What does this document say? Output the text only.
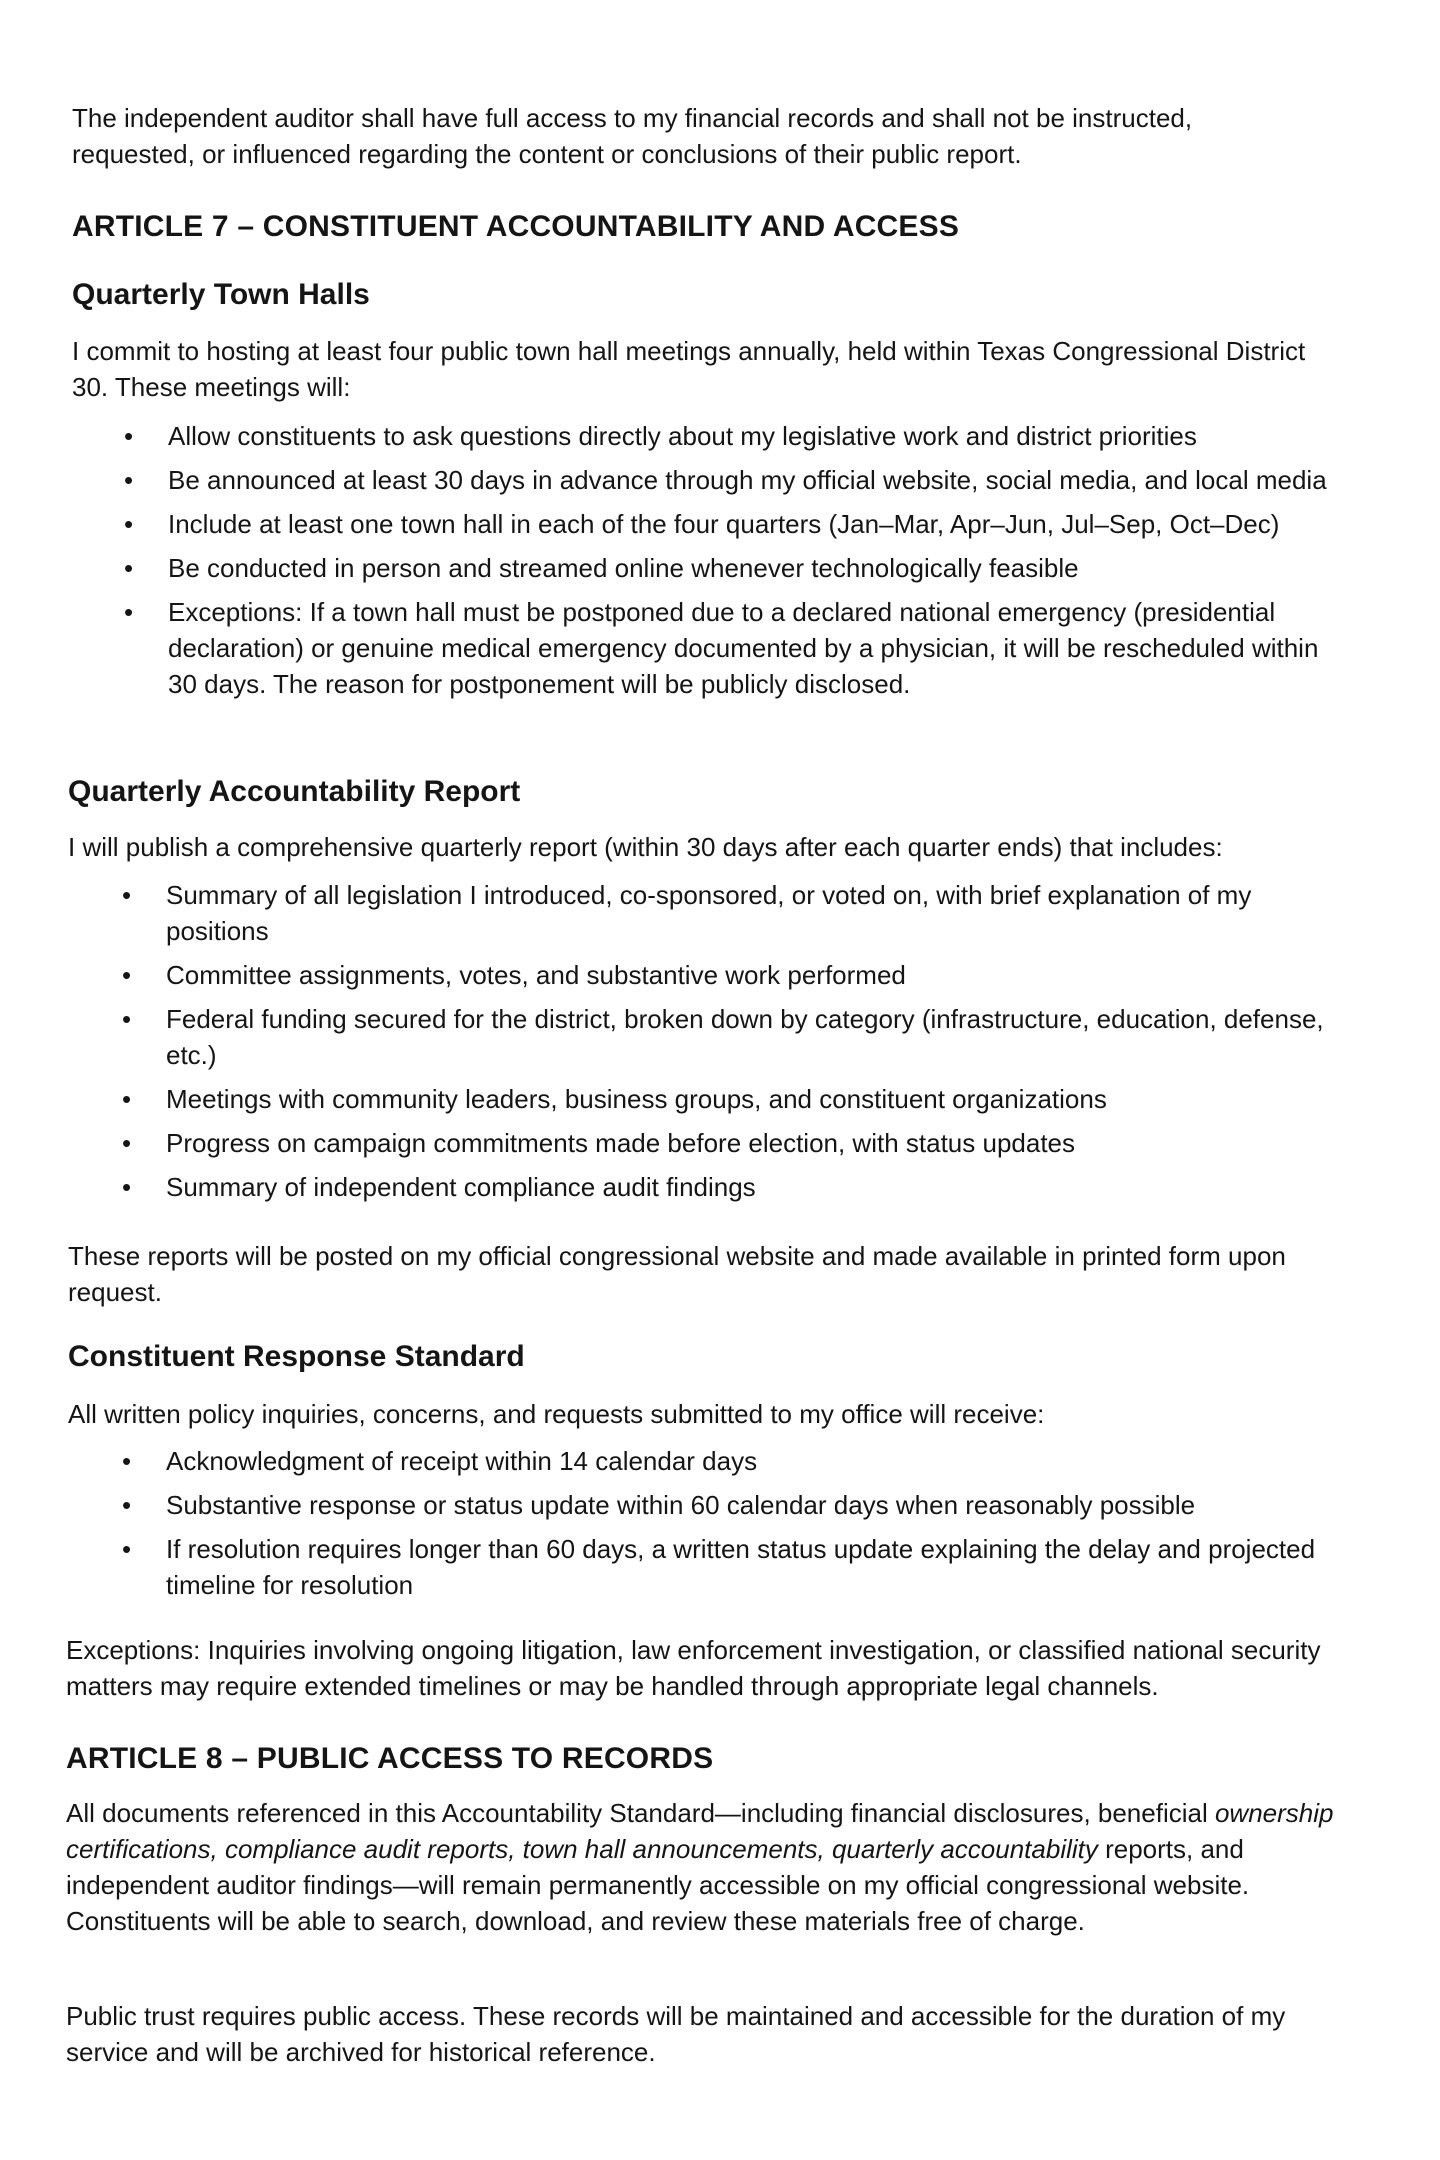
The independent auditor shall have full access to my financial records and shall not be instructed, requested, or influenced regarding the content or conclusions of their public report.

ARTICLE 7 – CONSTITUENT ACCOUNTABILITY AND ACCESS
Quarterly Town Halls

I commit to hosting at least four public town hall meetings annually, held within Texas Congressional District 30. These meetings will:

• Allow constituents to ask questions directly about my legislative work and district priorities
• Be announced at least 30 days in advance through my official website, social media, and local media
• Include at least one town hall in each of the four quarters (Jan–Mar, Apr–Jun, Jul–Sep, Oct–Dec)
• Be conducted in person and streamed online whenever technologically feasible
• Exceptions: If a town hall must be postponed due to a declared national emergency (presidential declaration) or genuine medical emergency documented by a physician, it will be rescheduled within 30 days. The reason for postponement will be publicly disclosed.
Quarterly Accountability Report

I will publish a comprehensive quarterly report (within 30 days after each quarter ends) that includes:

• Summary of all legislation I introduced, co-sponsored, or voted on, with brief explanation of my positions
• Committee assignments, votes, and substantive work performed
• Federal funding secured for the district, broken down by category (infrastructure, education, defense, etc.)
• Meetings with community leaders, business groups, and constituent organizations
• Progress on campaign commitments made before election, with status updates
• Summary of independent compliance audit findings

These reports will be posted on my official congressional website and made available in printed form upon request.

Constituent Response Standard

All written policy inquiries, concerns, and requests submitted to my office will receive:

• Acknowledgment of receipt within 14 calendar days
• Substantive response or status update within 60 calendar days when reasonably possible
• If resolution requires longer than 60 days, a written status update explaining the delay and projected timeline for resolution

Exceptions: Inquiries involving ongoing litigation, law enforcement investigation, or classified national security matters may require extended timelines or may be handled through appropriate legal channels.

ARTICLE 8 – PUBLIC ACCESS TO RECORDS

All documents referenced in this Accountability Standard—including financial disclosures, beneficial ownership certifications, compliance audit reports, town hall announcements, quarterly accountability reports, and independent auditor findings—will remain permanently accessible on my official congressional website. Constituents will be able to search, download, and review these materials free of charge.

Public trust requires public access. These records will be maintained and accessible for the duration of my service and will be archived for historical reference.
